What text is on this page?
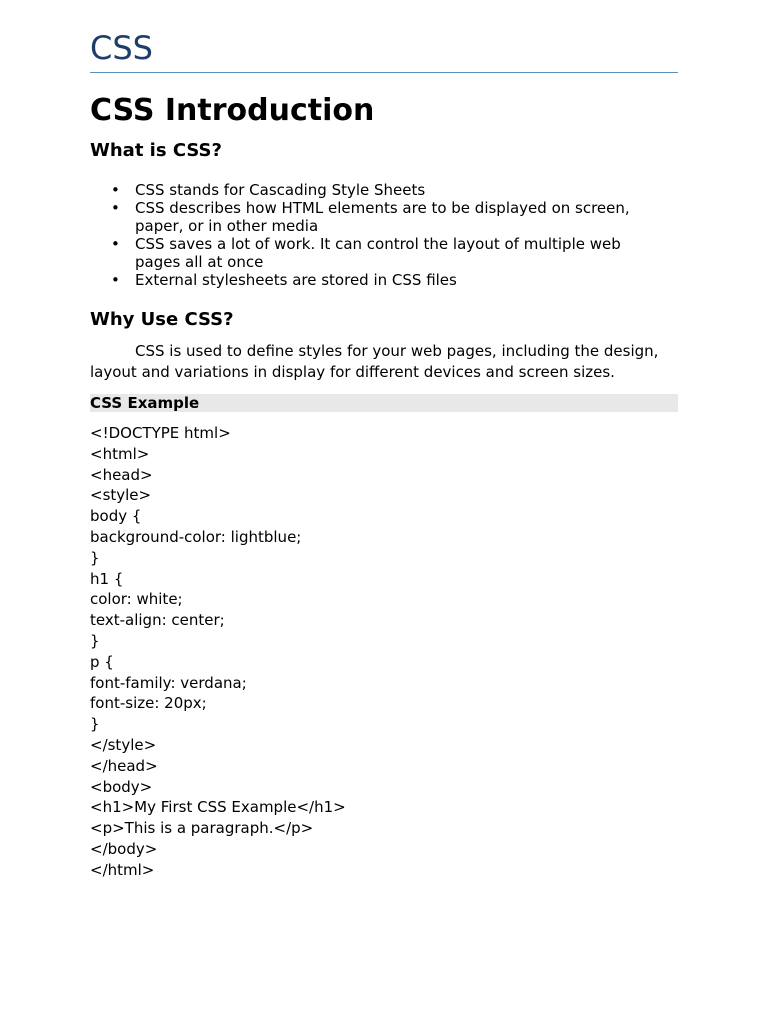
CSS
CSS Introduction
What is CSS?
• CSS stands for Cascading Style Sheets
• CSS describes how HTML elements are to be displayed on screen, paper, or in other media
• CSS saves a lot of work. It can control the layout of multiple web pages all at once
• External stylesheets are stored in CSS files
Why Use CSS?

CSS is used to define styles for your web pages, including the design, layout and variations in display for different devices and screen sizes.

CSS Example
<!DOCTYPE html>
<html>
<head>
<style>
body {
background-color: lightblue;
}
h1 {
color: white;
text-align: center;
}
p {
font-family: verdana;
font-size: 20px;
}
</style>
</head>
<body>
<h1>My First CSS Example</h1>
<p>This is a paragraph.</p>
</body>
</html>
